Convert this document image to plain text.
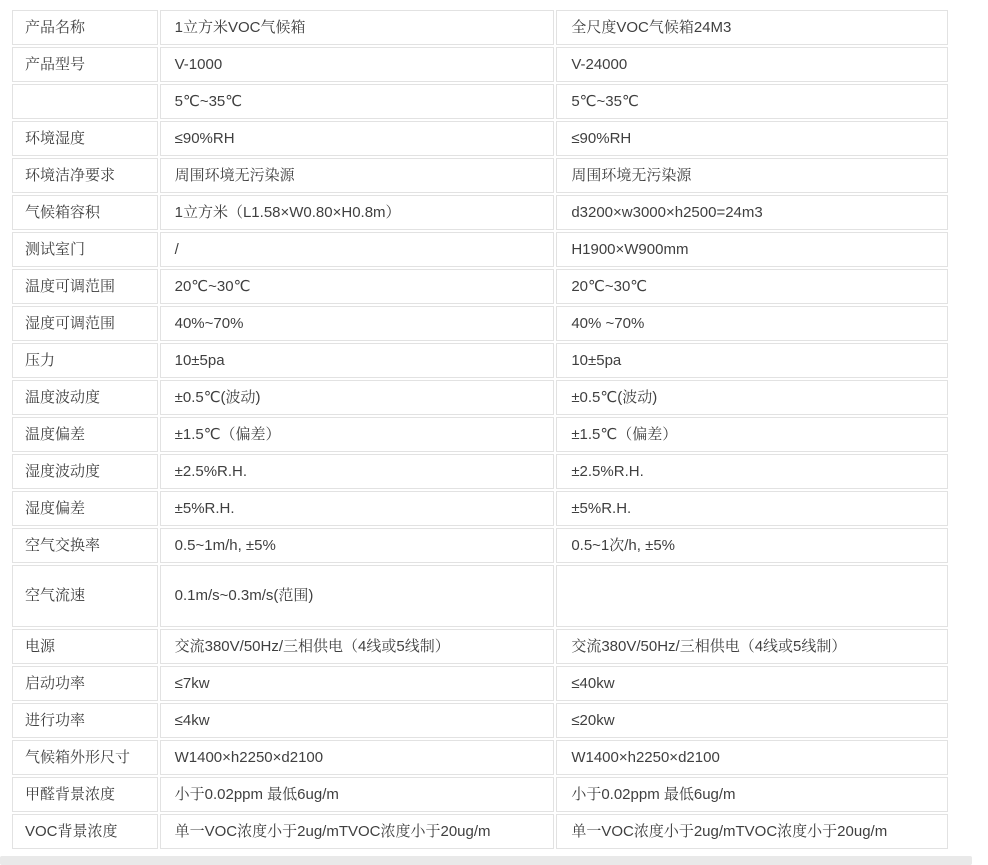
产品名称	1立方米VOC气候箱	全尺度VOC气候箱24M3
产品型号	V-1000	V-24000
	5℃~35℃	5℃~35℃
环境湿度	≤90%RH	≤90%RH
环境洁净要求	周围环境无污染源	周围环境无污染源
气候箱容积	1立方米（L1.58×W0.80×H0.8m）	d3200×w3000×h2500=24m3
测试室门	/	H1900×W900mm
温度可调范围	20℃~30℃	20℃~30℃
湿度可调范围	40%~70%	40% ~70%
压力	10±5pa	10±5pa
温度波动度	±0.5℃(波动)	±0.5℃(波动)
温度偏差	±1.5℃（偏差）	±1.5℃（偏差）
湿度波动度	±2.5%R.H.	±2.5%R.H.
湿度偏差	±5%R.H.	±5%R.H.
空气交换率	0.5~1m/h, ±5%	0.5~1次/h, ±5%
空气流速	0.1m/s~0.3m/s(范围)	
电源	交流380V/50Hz/三相供电（4线或5线制）	交流380V/50Hz/三相供电（4线或5线制）
启动功率	≤7kw	≤40kw
进行功率	≤4kw	≤20kw
气候箱外形尺寸	W1400×h2250×d2100	W1400×h2250×d2100
甲醛背景浓度	小于0.02ppm 最低6ug/m	小于0.02ppm 最低6ug/m
VOC背景浓度	单一VOC浓度小于2ug/mTVOC浓度小于20ug/m	单一VOC浓度小于2ug/mTVOC浓度小于20ug/m
